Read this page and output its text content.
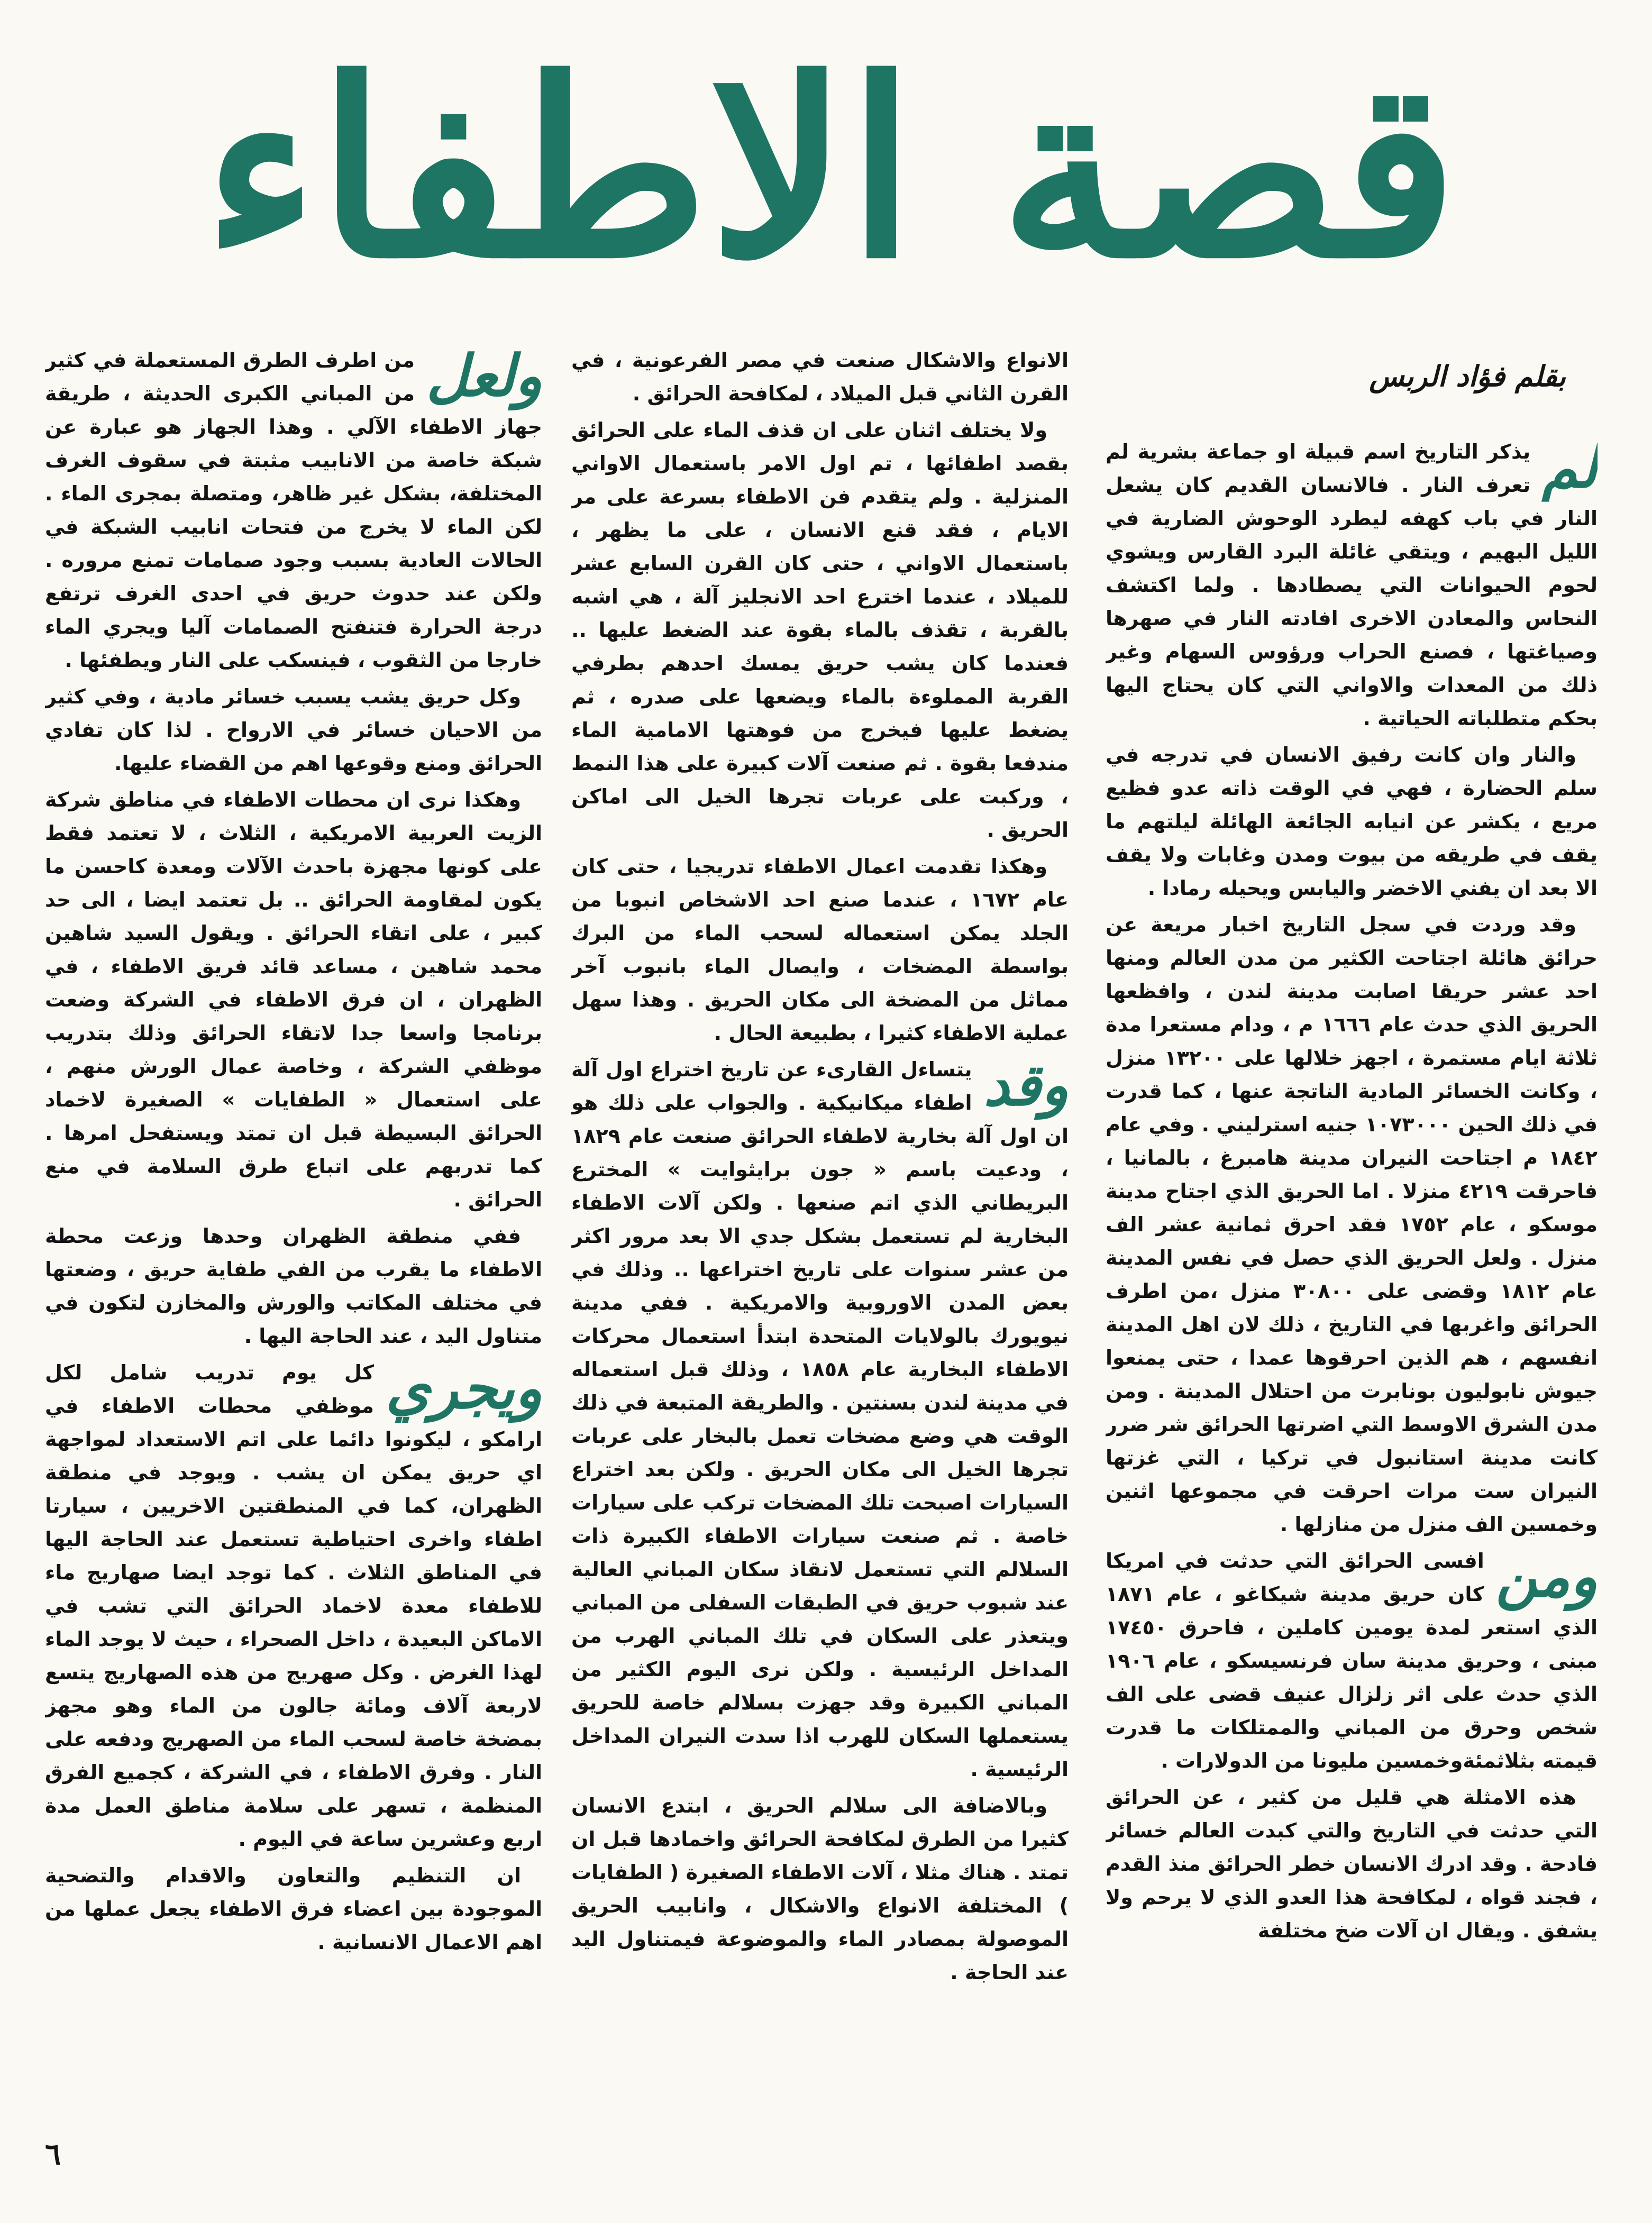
قصة الاطفاء
بقلم فؤاد الربس

لم
يذكر التاريخ اسم قبيلة او جماعة بشرية لم تعرف النار . فالانسان القديم كان يشعل النار في باب كهفه ليطرد الوحوش الضارية في الليل البهيم ، ويتقي غائلة البرد القارس ويشوي لحوم الحيوانات التي يصطادها . ولما اكتشف النحاس والمعادن الاخرى افادته النار في صهرها وصياغتها ، فصنع الحراب ورؤوس السهام وغير ذلك من المعدات والاواني التي كان يحتاج اليها بحكم متطلباته الحياتية .

والنار وان كانت رفيق الانسان في تدرجه في سلم الحضارة ، فهي في الوقت ذاته عدو فظيع مريع ، يكشر عن انيابه الجائعة الهائلة ليلتهم ما يقف في طريقه من بيوت ومدن وغابات ولا يقف الا بعد ان يفني الاخضر واليابس ويحيله رمادا .

وقد وردت في سجل التاريخ اخبار مريعة عن حرائق هائلة اجتاحت الكثير من مدن العالم ومنها احد عشر حريقا اصابت مدينة لندن ، وافظعها الحريق الذي حدث عام ١٦٦٦ م ، ودام مستعرا مدة ثلاثة ايام مستمرة ، اجهز خلالها على ١٣٢٠٠ منزل ، وكانت الخسائر المادية الناتجة عنها ، كما قدرت في ذلك الحين ١٠٧٣٠٠٠ جنيه استرليني . وفي عام ١٨٤٢ م اجتاحت النيران مدينة هامبرغ ، بالمانيا ، فاحرقت ٤٢١٩ منزلا . اما الحريق الذي اجتاح مدينة موسكو ، عام ١٧٥٢ فقد احرق ثمانية عشر الف منزل . ولعل الحريق الذي حصل في نفس المدينة عام ١٨١٢ وقضى على ٣٠٨٠٠ منزل ،من اطرف الحرائق واغربها في التاريخ ، ذلك لان اهل المدينة انفسهم ، هم الذين احرقوها عمدا ، حتى يمنعوا جيوش نابوليون بونابرت من احتلال المدينة . ومن مدن الشرق الاوسط التي اضرتها الحرائق شر ضرر كانت مدينة استانبول في تركيا ، التي غزتها النيران ست مرات احرقت في مجموعها اثنين وخمسين الف منزل من منازلها .

ومن
افسى الحرائق التي حدثت في امريكا كان حريق مدينة شيكاغو ، عام ١٨٧١ الذي استعر لمدة يومين كاملين ، فاحرق ١٧٤٥٠ مبنى ، وحريق مدينة سان فرنسيسكو ، عام ١٩٠٦ الذي حدث على اثر زلزال عنيف قضى على الف شخص وحرق من المباني والممتلكات ما قدرت قيمته بثلاثمئةوخمسين مليونا من الدولارات .

هذه الامثلة هي قليل من كثير ، عن الحرائق التي حدثت في التاريخ والتي كبدت العالم خسائر فادحة . وقد ادرك الانسان خطر الحرائق منذ القدم ، فجند قواه ، لمكافحة هذا العدو الذي لا يرحم ولا يشفق . ويقال ان آلات ضخ مختلفة

الانواع والاشكال صنعت في مصر الفرعونية ، في القرن الثاني قبل الميلاد ، لمكافحة الحرائق .

ولا يختلف اثنان على ان قذف الماء على الحرائق بقصد اطفائها ، تم اول الامر باستعمال الاواني المنزلية . ولم يتقدم فن الاطفاء بسرعة على مر الايام ، فقد قنع الانسان ، على ما يظهر ، باستعمال الاواني ، حتى كان القرن السابع عشر للميلاد ، عندما اخترع احد الانجليز آلة ، هي اشبه بالقربة ، تقذف بالماء بقوة عند الضغط عليها .. فعندما كان يشب حريق يمسك احدهم بطرفي القربة المملوءة بالماء ويضعها على صدره ، ثم يضغط عليها فيخرج من فوهتها الامامية الماء مندفعا بقوة . ثم صنعت آلات كبيرة على هذا النمط ، وركبت على عربات تجرها الخيل الى اماكن الحريق .

وهكذا تقدمت اعمال الاطفاء تدريجيا ، حتى كان عام ١٦٧٢ ، عندما صنع احد الاشخاص انبوبا من الجلد يمكن استعماله لسحب الماء من البرك بواسطة المضخات ، وايصال الماء بانبوب آخر مماثل من المضخة الى مكان الحريق . وهذا سهل عملية الاطفاء كثيرا ، بطبيعة الحال .

وقد
يتساءل القارىء عن تاريخ اختراع اول آلة اطفاء ميكانيكية . والجواب على ذلك هو ان اول آلة بخارية لاطفاء الحرائق صنعت عام ١٨٢٩ ، ودعيت باسم « جون برايثوايت » المخترع البريطاني الذي اتم صنعها . ولكن آلات الاطفاء البخارية لم تستعمل بشكل جدي الا بعد مرور اكثر من عشر سنوات على تاريخ اختراعها .. وذلك في بعض المدن الاوروبية والامريكية . ففي مدينة نيويورك بالولايات المتحدة ابتدأ استعمال محركات الاطفاء البخارية عام ١٨٥٨ ، وذلك قبل استعماله في مدينة لندن بسنتين . والطريقة المتبعة في ذلك الوقت هي وضع مضخات تعمل بالبخار على عربات تجرها الخيل الى مكان الحريق . ولكن بعد اختراع السيارات اصبحت تلك المضخات تركب على سيارات خاصة . ثم صنعت سيارات الاطفاء الكبيرة ذات السلالم التي تستعمل لانقاذ سكان المباني العالية عند شبوب حريق في الطبقات السفلى من المباني ويتعذر على السكان في تلك المباني الهرب من المداخل الرئيسية . ولكن نرى اليوم الكثير من المباني الكبيرة وقد جهزت بسلالم خاصة للحريق يستعملها السكان للهرب اذا سدت النيران المداخل الرئيسية .

وبالاضافة الى سلالم الحريق ، ابتدع الانسان كثيرا من الطرق لمكافحة الحرائق واخمادها قبل ان تمتد . هناك مثلا ، آلات الاطفاء الصغيرة ( الطفايات ) المختلفة الانواع والاشكال ، وانابيب الحريق الموصولة بمصادر الماء والموضوعة فيمتناول اليد عند الحاجة .

ولعل
من اطرف الطرق المستعملة في كثير من المباني الكبرى الحديثة ، طريقة جهاز الاطفاء الآلي . وهذا الجهاز هو عبارة عن شبكة خاصة من الانابيب مثبتة في سقوف الغرف المختلفة، بشكل غير ظاهر، ومتصلة بمجرى الماء . لكن الماء لا يخرج من فتحات انابيب الشبكة في الحالات العادية بسبب وجود صمامات تمنع مروره . ولكن عند حدوث حريق في احدى الغرف ترتفع درجة الحرارة فتنفتح الصمامات آليا ويجري الماء خارجا من الثقوب ، فينسكب على النار ويطفئها .

وكل حريق يشب يسبب خسائر مادية ، وفي كثير من الاحيان خسائر في الارواح . لذا كان تفادي الحرائق ومنع وقوعها اهم من القضاء عليها.

وهكذا نرى ان محطات الاطفاء في مناطق شركة الزيت العربية الامريكية ، الثلاث ، لا تعتمد فقط على كونها مجهزة باحدث الآلات ومعدة كاحسن ما يكون لمقاومة الحرائق .. بل تعتمد ايضا ، الى حد كبير ، على اتقاء الحرائق . ويقول السيد شاهين محمد شاهين ، مساعد قائد فريق الاطفاء ، في الظهران ، ان فرق الاطفاء في الشركة وضعت برنامجا واسعا جدا لاتقاء الحرائق وذلك بتدريب موظفي الشركة ، وخاصة عمال الورش منهم ، على استعمال « الطفايات » الصغيرة لاخماد الحرائق البسيطة قبل ان تمتد ويستفحل امرها . كما تدربهم على اتباع طرق السلامة في منع الحرائق .

ففي منطقة الظهران وحدها وزعت محطة الاطفاء ما يقرب من الفي طفاية حريق ، وضعتها في مختلف المكاتب والورش والمخازن لتكون في متناول اليد ، عند الحاجة اليها .

ويجري
كل يوم تدريب شامل لكل موظفي محطات الاطفاء في ارامكو ، ليكونوا دائما على اتم الاستعداد لمواجهة اي حريق يمكن ان يشب . ويوجد في منطقة الظهران، كما في المنطقتين الاخريين ، سيارتا اطفاء واخرى احتياطية تستعمل عند الحاجة اليها في المناطق الثلاث . كما توجد ايضا صهاريج ماء للاطفاء معدة لاخماد الحرائق التي تشب في الاماكن البعيدة ، داخل الصحراء ، حيث لا يوجد الماء لهذا الغرض . وكل صهريج من هذه الصهاريج يتسع لاربعة آلاف ومائة جالون من الماء وهو مجهز بمضخة خاصة لسحب الماء من الصهريج ودفعه على النار . وفرق الاطفاء ، في الشركة ، كجميع الفرق المنظمة ، تسهر على سلامة مناطق العمل مدة اربع وعشرين ساعة في اليوم .

ان التنظيم والتعاون والاقدام والتضحية الموجودة بين اعضاء فرق الاطفاء يجعل عملها من اهم الاعمال الانسانية .

٦
